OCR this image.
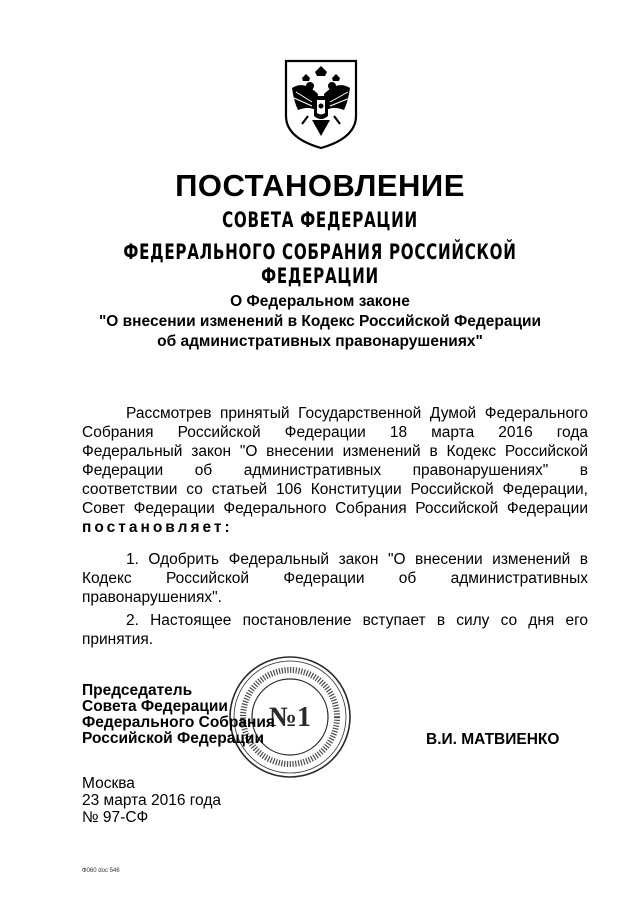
ПОСТАНОВЛЕНИЕ
СОВЕТА ФЕДЕРАЦИИ
ФЕДЕРАЛЬНОГО СОБРАНИЯ РОССИЙСКОЙ ФЕДЕРАЦИИ
О Федеральном законе
"О внесении изменений в Кодекс Российской Федерации
об административных правонарушениях"
Рассмотрев принятый Государственной Думой Федерального
Собрания Российской Федерации 18 марта 2016 года
Федеральный закон "О внесении изменений в Кодекс Российской
Федерации об административных правонарушениях" в
соответствии со статьей 106 Конституции Российской Федерации,
Совет Федерации Федерального Собрания Российской Федерации
постановляет:
1. Одобрить Федеральный закон "О внесении изменений в
Кодекс Российской Федерации об административных
правонарушениях".
2. Настоящее постановление вступает в силу со дня его
принятия.
№1
Председатель
Совета Федерации
Федерального Собрания
Российской Федерации	В.И. МАТВИЕНКО
Москва
23 марта 2016 года
№ 97-СФ
Ф060 doc 546
